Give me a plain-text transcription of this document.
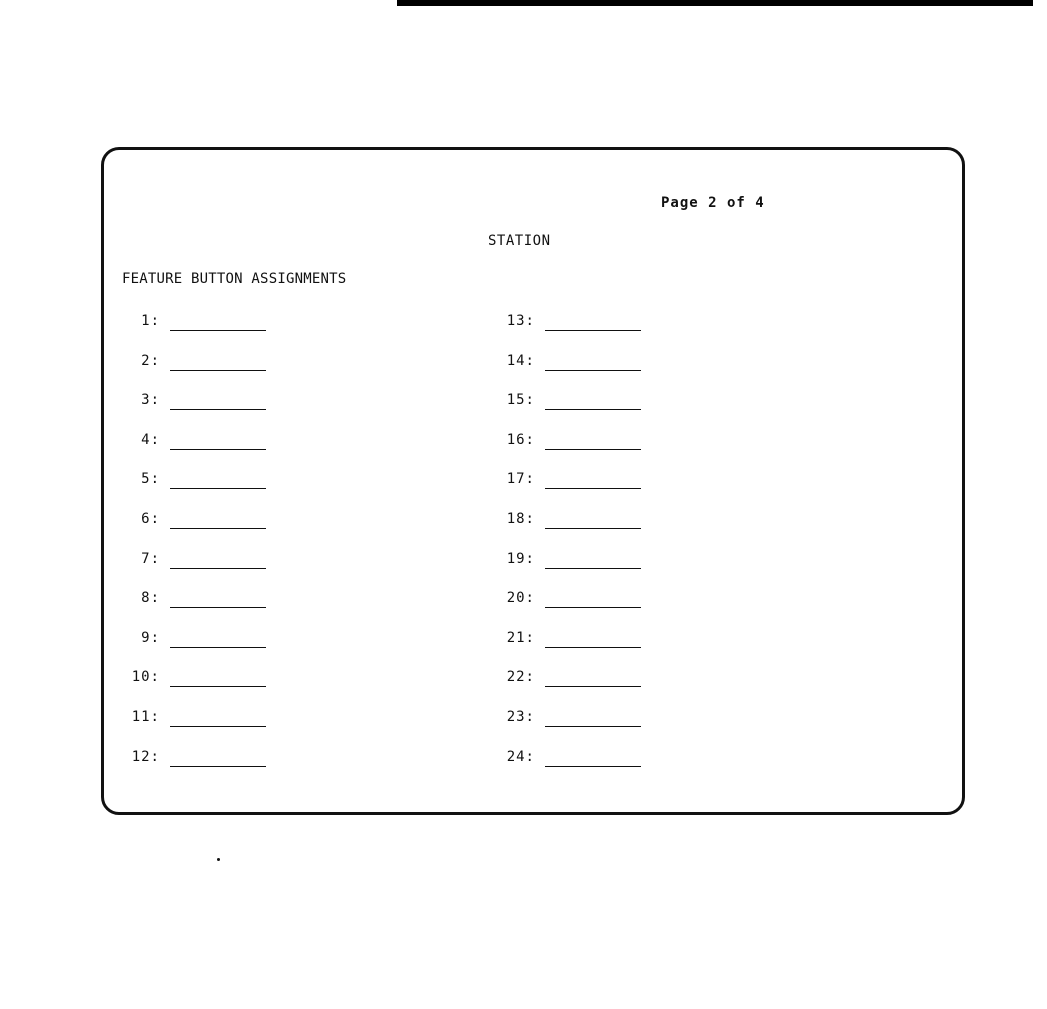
Page 2 of 4
STATION
FEATURE BUTTON ASSIGNMENTS
1:
2:
3:
4:
5:
6:
7:
8:
9:
10:
11:
12:
13:
14:
15:
16:
17:
18:
19:
20:
21:
22:
23:
24:
